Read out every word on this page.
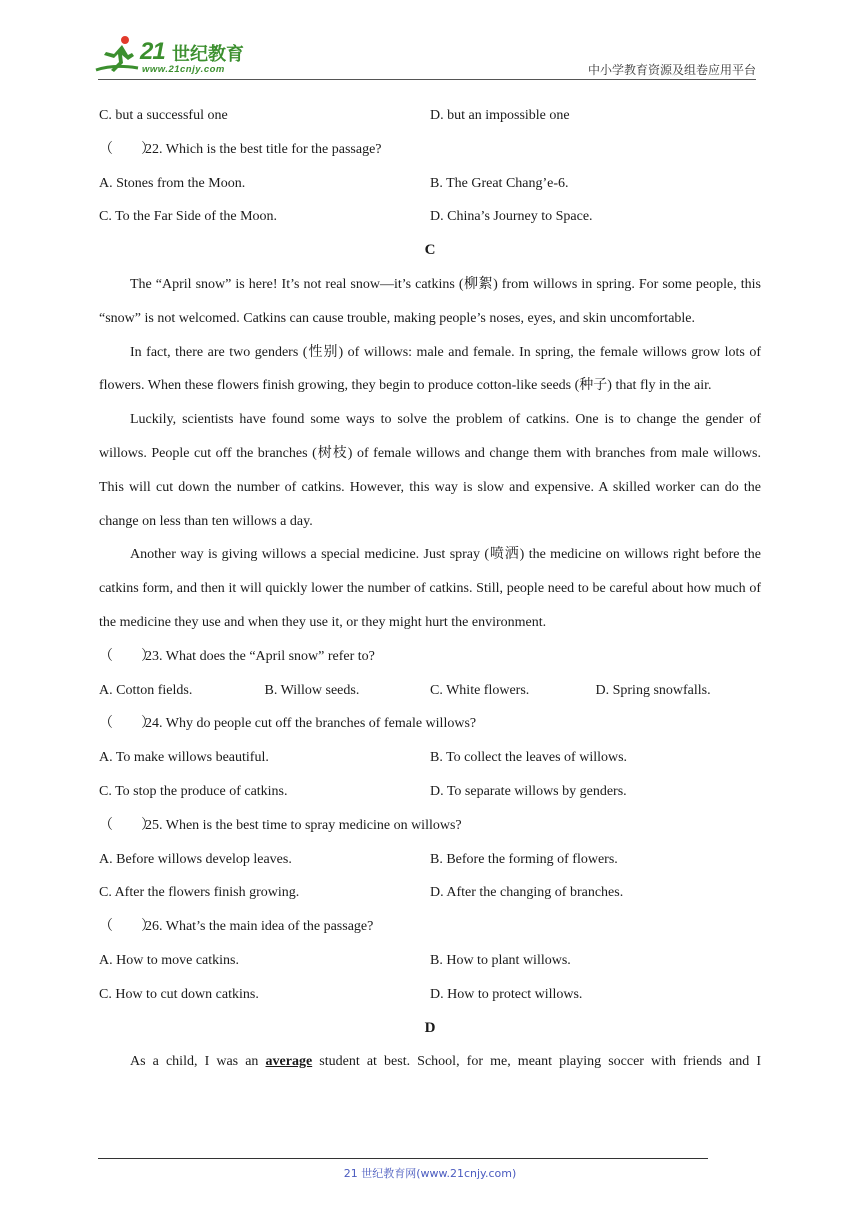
21 世纪教育
www.21cnjy.com	中小学教育资源及组卷应用平台
C. but a successful one	D. but an impossible one
（　　）22. Which is the best title for the passage?
A. Stones from the Moon.	B. The Great Chang’e-6.
C. To the Far Side of the Moon.	D. China’s Journey to Space.
C

The “April snow” is here! It’s not real snow—it’s catkins (柳絮) from willows in spring. For some people, this “snow” is not welcomed. Catkins can cause trouble, making people’s noses, eyes, and skin uncomfortable.

In fact, there are two genders (性别) of willows: male and female. In spring, the female willows grow lots of flowers. When these flowers finish growing, they begin to produce cotton-like seeds (种子) that fly in the air.

Luckily, scientists have found some ways to solve the problem of catkins. One is to change the gender of willows. People cut off the branches (树枝) of female willows and change them with branches from male willows. This will cut down the number of catkins. However, this way is slow and expensive. A skilled worker can do the change on less than ten willows a day.

Another way is giving willows a special medicine. Just spray (喷洒) the medicine on willows right before the catkins form, and then it will quickly lower the number of catkins. Still, people need to be careful about how much of the medicine they use and when they use it, or they might hurt the environment.

（　　）23. What does the “April snow” refer to?
A. Cotton fields.	B. Willow seeds.	C. White flowers.	D. Spring snowfalls.
（　　）24. Why do people cut off the branches of female willows?
A. To make willows beautiful.	B. To collect the leaves of willows.
C. To stop the produce of catkins.	D. To separate willows by genders.
（　　）25. When is the best time to spray medicine on willows?
A. Before willows develop leaves.	B. Before the forming of flowers.
C. After the flowers finish growing.	D. After the changing of branches.
（　　）26. What’s the main idea of the passage?
A. How to move catkins.	B. How to plant willows.
C. How to cut down catkins.	D. How to protect willows.
D

As a child, I was an average student at best. School, for me, meant playing soccer with friends and I

21 世纪教育网(www.21cnjy.com)
